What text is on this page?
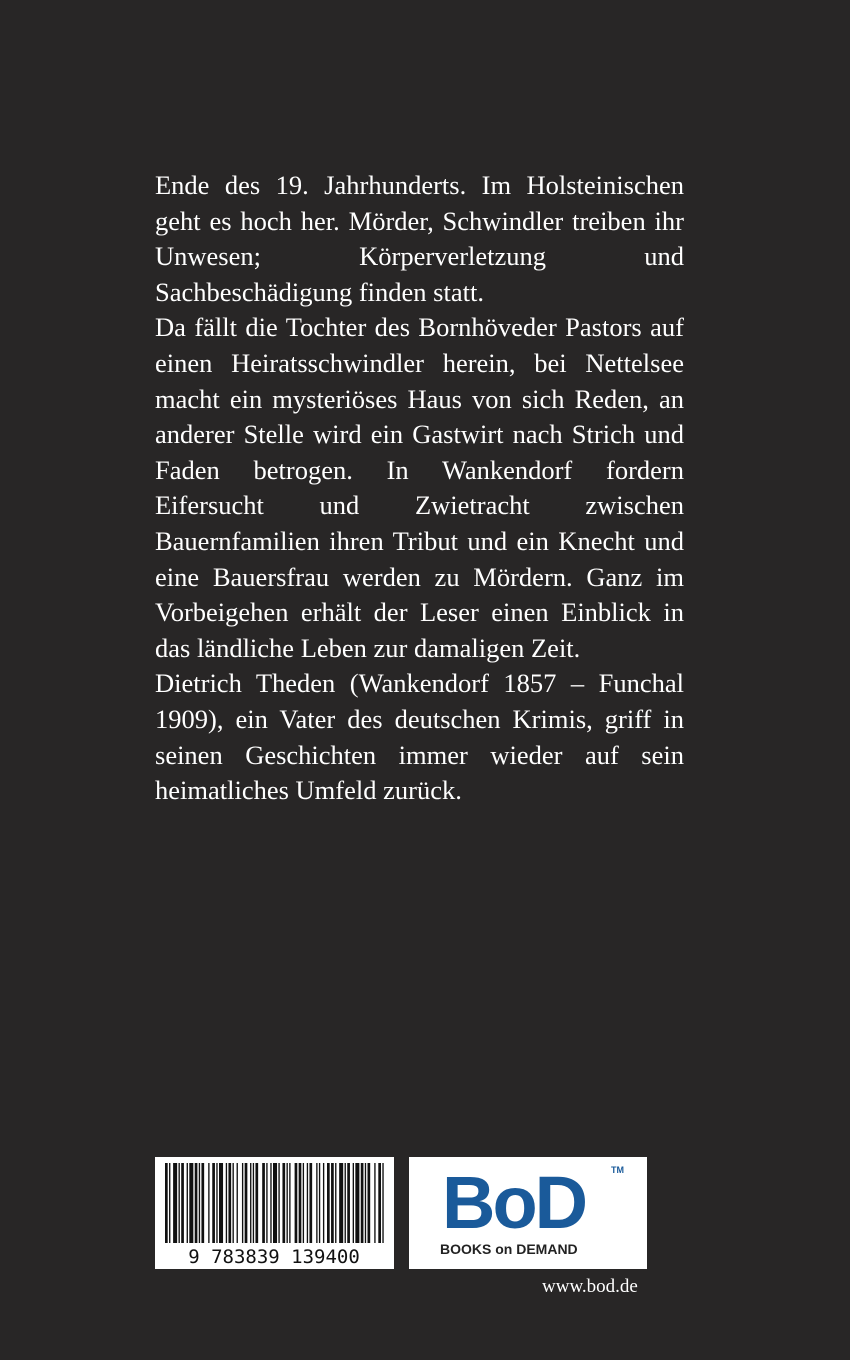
Ende des 19. Jahrhunderts. Im Holsteinischen geht es hoch her. Mörder, Schwindler treiben ihr Unwesen; Körperverletzung und Sachbeschädigung finden statt.

Da fällt die Tochter des Bornhöveder Pastors auf einen Heiratsschwindler herein, bei Nettelsee macht ein mysteriöses Haus von sich Reden, an anderer Stelle wird ein Gastwirt nach Strich und Faden betrogen. In Wankendorf fordern Eifersucht und Zwietracht zwischen Bauernfamilien ihren Tribut und ein Knecht und eine Bauersfrau werden zu Mördern. Ganz im Vorbeigehen erhält der Leser einen Einblick in das ländliche Leben zur damaligen Zeit.

Dietrich Theden (Wankendorf 1857 – Funchal 1909), ein Vater des deutschen Krimis, griff in seinen Geschichten immer wieder auf sein heimatliches Umfeld zurück.

9 783839 139400
BoD	TM
BOOKS on DEMAND
www.bod.de
